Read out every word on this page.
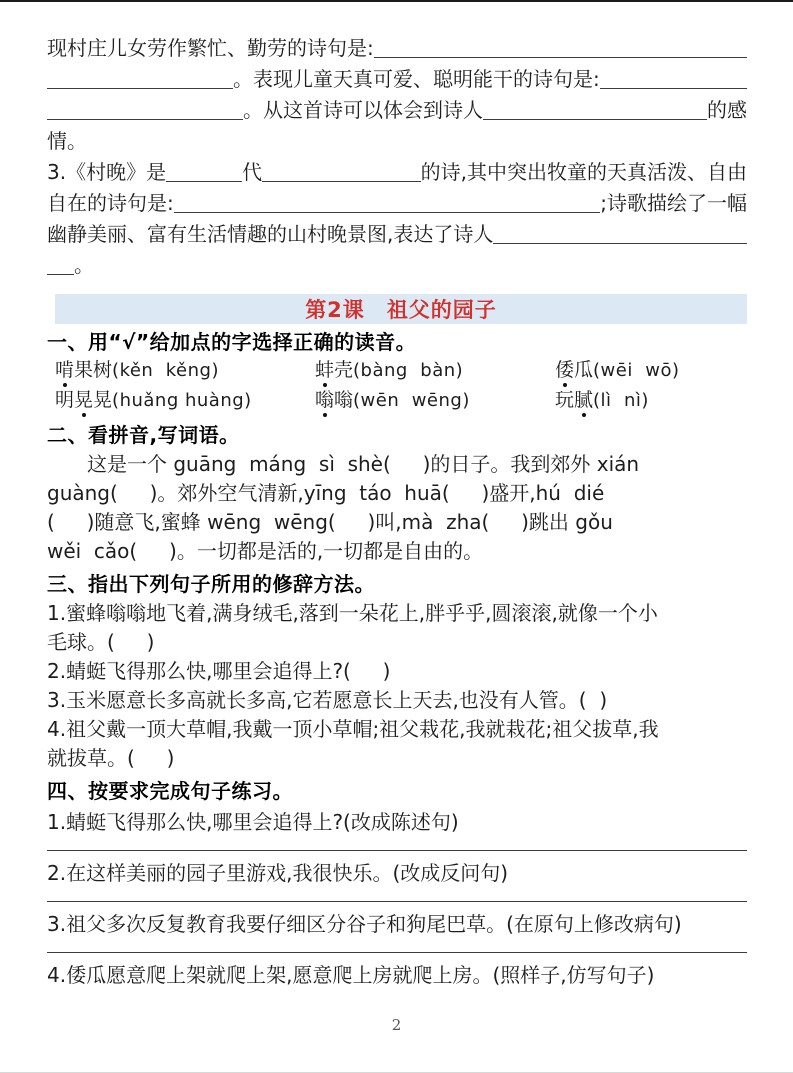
现村庄儿女劳作繁忙、勤劳的诗句是:
。表现儿童天真可爱、聪明能干的诗句是:
。从这首诗可以体会到诗人	的感
情。
3.《村晚》是	代	的诗,其中突出牧童的天真活泼、自由
自在的诗句是:	;诗歌描绘了一幅
幽静美丽、富有生活情趣的山村晚景图,表达了诗人
。
第2课 祖父的园子
一、用“√”给加点的字选择正确的读音。
啃果树(kěn  kěng)	蚌壳(bàng  bàn)	倭瓜(wēi  wō)
明晃晃(huǎng huàng)	嗡嗡(wēn  wēng)	玩腻(lì  nì)
二、看拼音,写词语。
　　这是一个 guāng  máng  sì  shè(     )的日子。我到郊外 xián
guàng(     )。郊外空气清新,yīng  táo  huā(     )盛开,hú  dié
(     )随意飞,蜜蜂 wēng  wēng(     )叫,mà  zha(     )跳出 gǒu
wěi  cǎo(     )。一切都是活的,一切都是自由的。
三、指出下列句子所用的修辞方法。
1.蜜蜂嗡嗡地飞着,满身绒毛,落到一朵花上,胖乎乎,圆滚滚,就像一个小
毛球。(     )
2.蜻蜓飞得那么快,哪里会追得上?(     )
3.玉米愿意长多高就长多高,它若愿意长上天去,也没有人管。(  )
4.祖父戴一顶大草帽,我戴一顶小草帽;祖父栽花,我就栽花;祖父拔草,我
就拔草。(     )
四、按要求完成句子练习。
1.蜻蜓飞得那么快,哪里会追得上?(改成陈述句)
2.在这样美丽的园子里游戏,我很快乐。(改成反问句)
3.祖父多次反复教育我要仔细区分谷子和狗尾巴草。(在原句上修改病句)
4.倭瓜愿意爬上架就爬上架,愿意爬上房就爬上房。(照样子,仿写句子)
2
